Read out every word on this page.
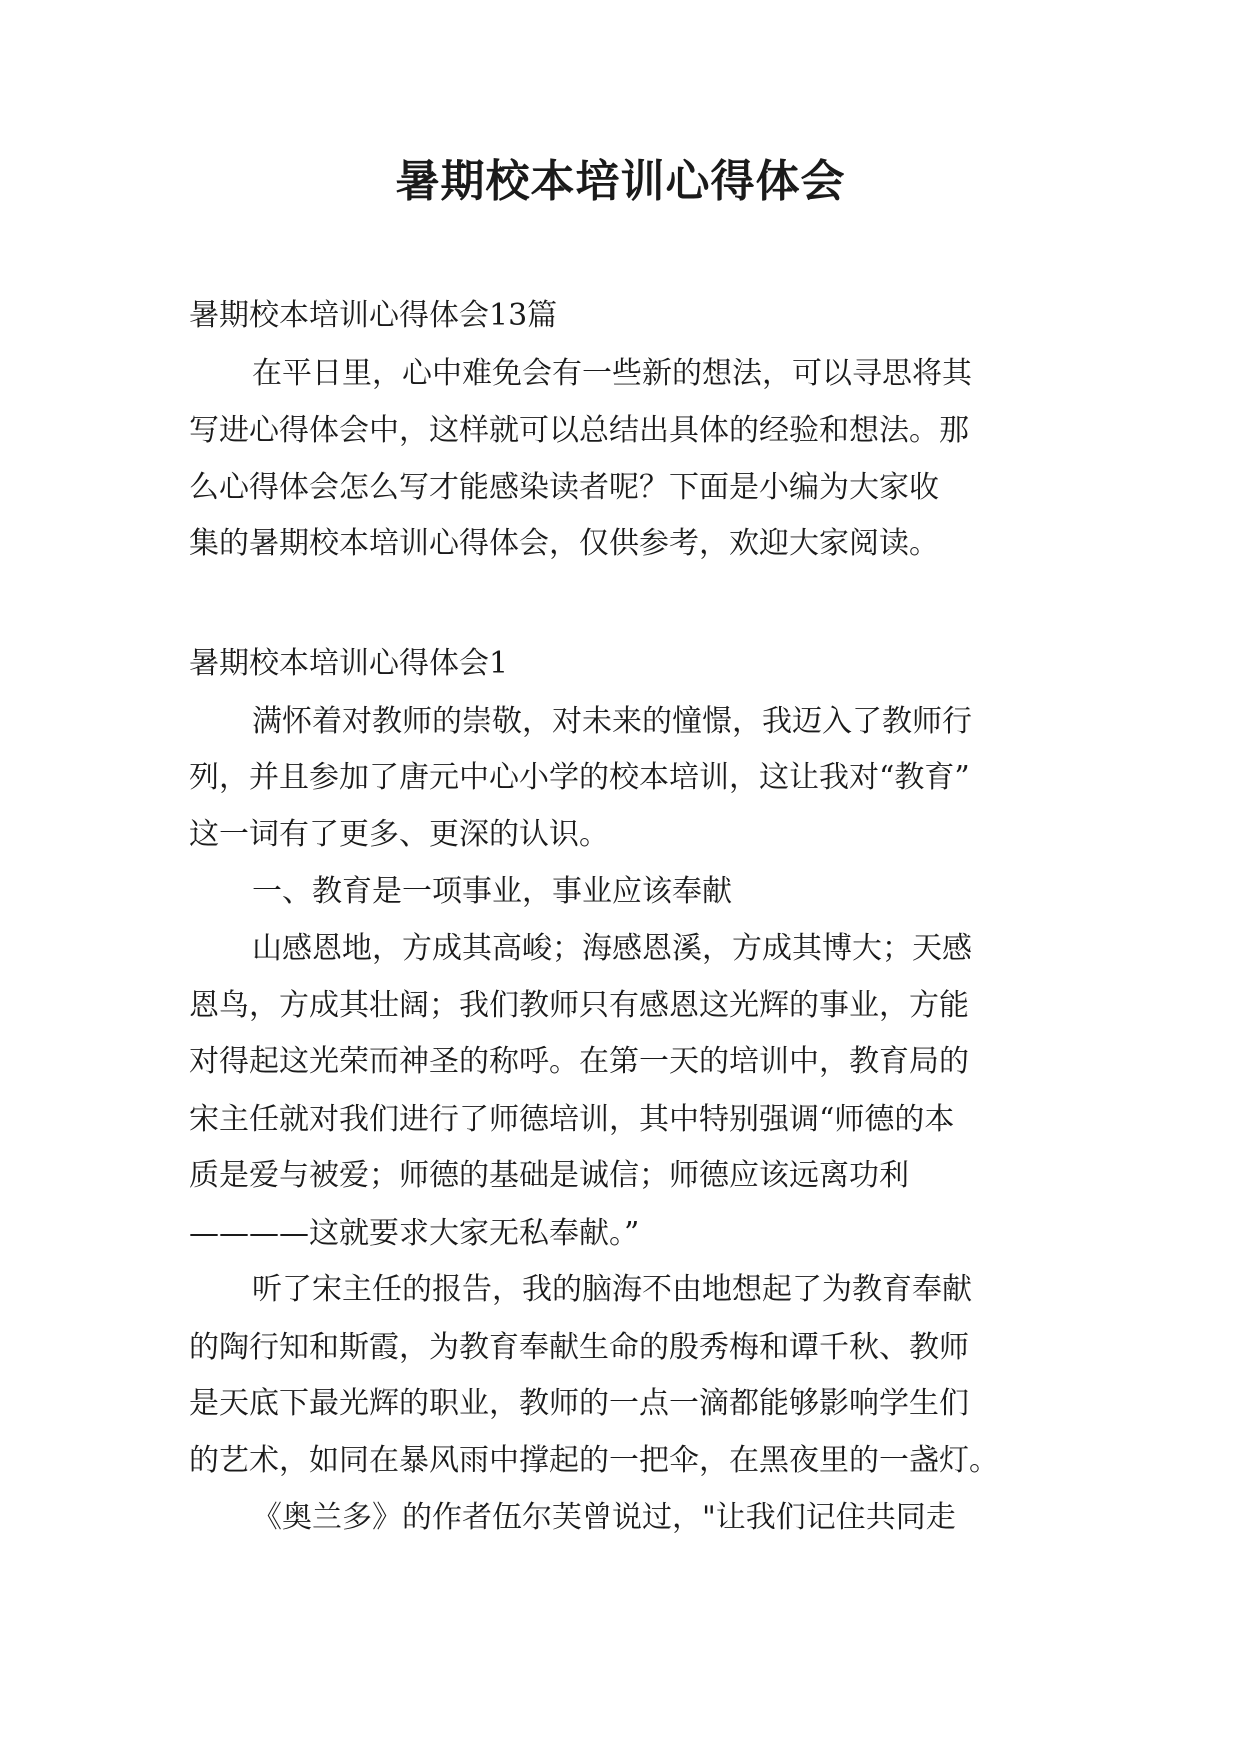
暑期校本培训心得体会

暑期校本培训心得体会13篇

在平日里，心中难免会有一些新的想法，可以寻思将其

写进心得体会中，这样就可以总结出具体的经验和想法。那

么心得体会怎么写才能感染读者呢？下面是小编为大家收

集的暑期校本培训心得体会，仅供参考，欢迎大家阅读。

暑期校本培训心得体会1

满怀着对教师的崇敬，对未来的憧憬，我迈入了教师行

列，并且参加了唐元中心小学的校本培训，这让我对“教育”

这一词有了更多、更深的认识。

一、教育是一项事业，事业应该奉献

山感恩地，方成其高峻；海感恩溪，方成其博大；天感

恩鸟，方成其壮阔；我们教师只有感恩这光辉的事业，方能

对得起这光荣而神圣的称呼。在第一天的培训中，教育局的

宋主任就对我们进行了师德培训，其中特别强调“师德的本

质是爱与被爱；师德的基础是诚信；师德应该远离功利

————这就要求大家无私奉献。”

听了宋主任的报告，我的脑海不由地想起了为教育奉献

的陶行知和斯霞，为教育奉献生命的殷秀梅和谭千秋、教师

是天底下最光辉的职业，教师的一点一滴都能够影响学生们

的艺术，如同在暴风雨中撑起的一把伞，在黑夜里的一盏灯。

《奥兰多》的作者伍尔芙曾说过，"让我们记住共同走
